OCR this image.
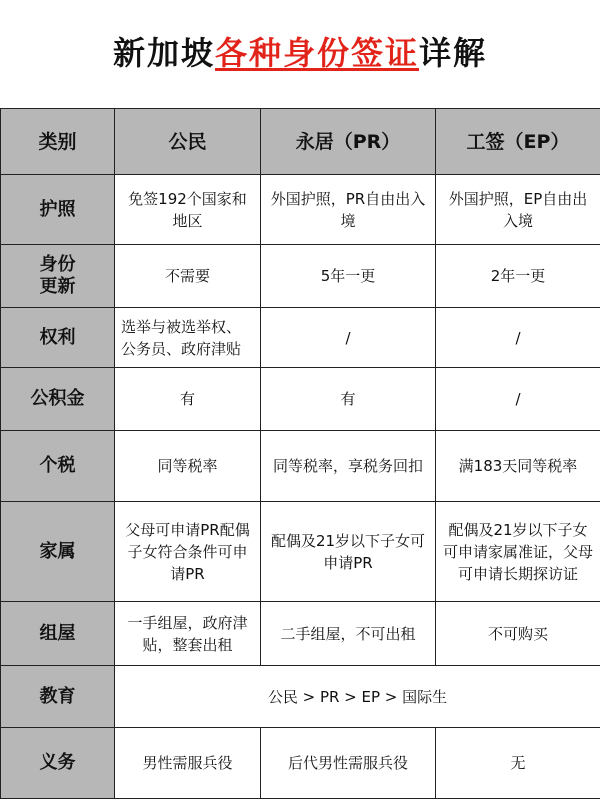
新加坡各种身份签证详解
类别	公民	永居（PR）	工签（EP）
护照	免签192个国家和地区	外国护照，PR自由出入境	外国护照，EP自由出入境
身份更新	不需要	5年一更	2年一更
权利	选举与被选举权、公务员、政府津贴	/	/
公积金	有	有	/
个税	同等税率	同等税率，享税务回扣	满183天同等税率
家属	父母可申请PR配偶子女符合条件可申请PR	配偶及21岁以下子女可申请PR	配偶及21岁以下子女可申请家属准证，父母可申请长期探访证
组屋	一手组屋，政府津贴，整套出租	二手组屋，不可出租	不可购买
教育	公民 > PR > EP > 国际生		
义务	男性需服兵役	后代男性需服兵役	无
